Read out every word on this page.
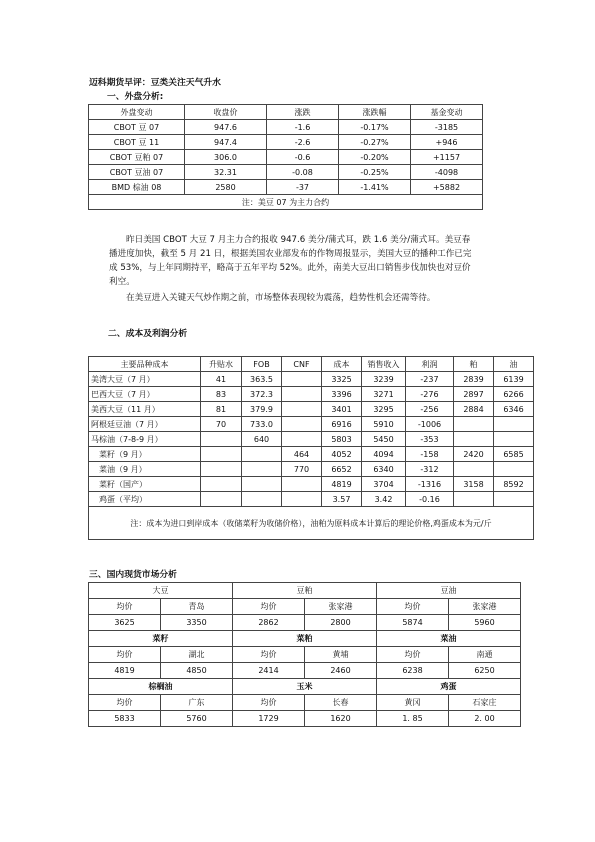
迈科期货早评：豆类关注天气升水
一、外盘分析:
外盘变动	收盘价	涨跌	涨跌幅	基金变动
CBOT 豆 07	947.6	-1.6	-0.17%	-3185
CBOT 豆 11	947.4	-2.6	-0.27%	+946
CBOT 豆粕 07	306.0	-0.6	-0.20%	+1157
CBOT 豆油 07	32.31	-0.08	-0.25%	-4098
BMD 棕油 08	2580	-37	-1.41%	+5882
注：美豆 07 为主力合约				

昨日美国 CBOT 大豆 7 月主力合约报收 947.6 美分/蒲式耳，跌 1.6 美分/蒲式耳。美豆春播进度加快，截至 5 月 21 日，根据美国农业部发布的作物周报显示，美国大豆的播种工作已完成 53%，与上年同期持平，略高于五年平均 52%。此外，南美大豆出口销售步伐加快也对豆价利空。

在美豆进入关键天气炒作期之前，市场整体表现较为震荡，趋势性机会还需等待。

二、成本及利润分析
主要品种成本	升贴水	FOB	CNF	成本	销售收入	利润	粕	油
美湾大豆（7 月）	41	363.5		3325	3239	-237	2839	6139
巴西大豆（7 月）	83	372.3		3396	3271	-276	2897	6266
美西大豆（11 月）	81	379.9		3401	3295	-256	2884	6346
阿根廷豆油（7 月）	70	733.0		6916	5910	-1006		
马棕油（7-8-9 月）		640		5803	5450	-353		
菜籽（9 月）			464	4052	4094	-158	2420	6585
菜油（9 月）			770	6652	6340	-312		
菜籽（国产）				4819	3704	-1316	3158	8592
鸡蛋（平均）				3.57	3.42	-0.16		
注：成本为进口到岸成本（收储菜籽为收储价格），油粕为原料成本计算后的理论价格,鸡蛋成本为元/斤								
三、国内现货市场分析
大豆		豆粕		豆油	
均价	青岛	均价	张家港	均价	张家港
3625	3350	2862	2800	5874	5960
菜籽		菜粕		菜油	
均价	湖北	均价	黄埔	均价	南通
4819	4850	2414	2460	6238	6250
棕榈油		玉米		鸡蛋	
均价	广东	均价	长春	黄冈	石家庄
5833	5760	1729	1620	1. 85	2. 00
